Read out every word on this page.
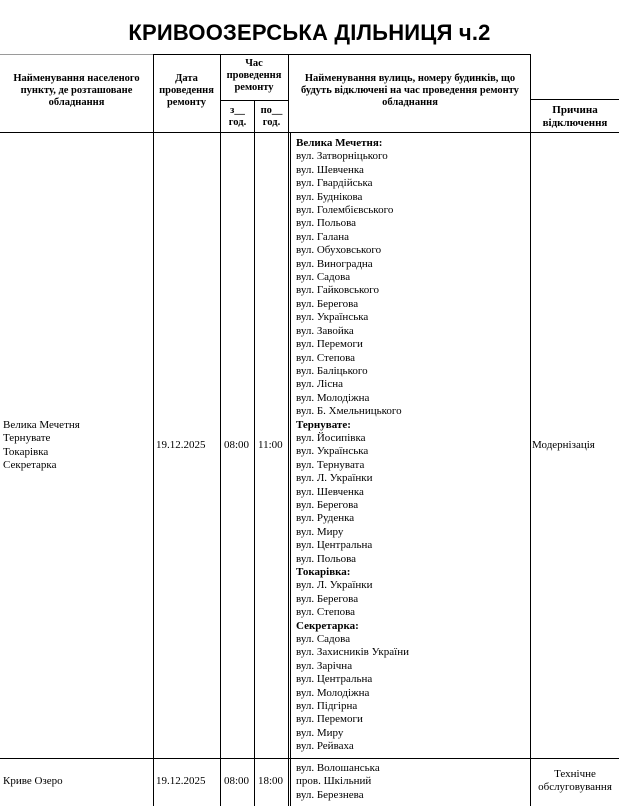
КРИВООЗЕРСЬКА ДІЛЬНИЦЯ ч.2
Найменування населеного пункту, де розташоване обладнання
Дата проведення ремонту
Час проведення ремонту
з__ год.
по__ год.
Найменування вулиць, номеру будинків, що будуть відключені на час проведення ремонту обладнання
Причина відключення
Велика Мечетня
Тернувате
Токарівка
Секретарка
19.12.2025 08:00 11:00
Велика Мечетня:
вул. Затворніцького
вул. Шевченка
вул. Гвардійська
вул. Буднікова
вул. Голембієвського
вул. Польова
вул. Галана
вул. Обуховського
вул. Виноградна
вул. Садова
вул. Гайковського
вул. Берегова
вул. Українська
вул. Завойка
вул. Перемоги
вул. Степова
вул. Баліцького
вул. Лісна
вул. Молодіжна
вул. Б. Хмельницького
Тернувате:
вул. Йосипівка
вул. Українська
вул. Тернувата
вул. Л. Українки
вул. Шевченка
вул. Берегова
вул. Руденка
вул. Миру
вул. Центральна
вул. Польова
Токарівка:
вул. Л. Українки
вул. Берегова
вул. Степова
Секретарка:
вул. Садова
вул. Захисників України
вул. Зарічна
вул. Центральна
вул. Молодіжна
вул. Підгірна
вул. Перемоги
вул. Миру
вул. Рейваха
Модернізація
Криве Озеро	19.12.2025 08:00 18:00
вул. Волошанська
пров. Шкільний
вул. Березнева
Технічне обслуговування
